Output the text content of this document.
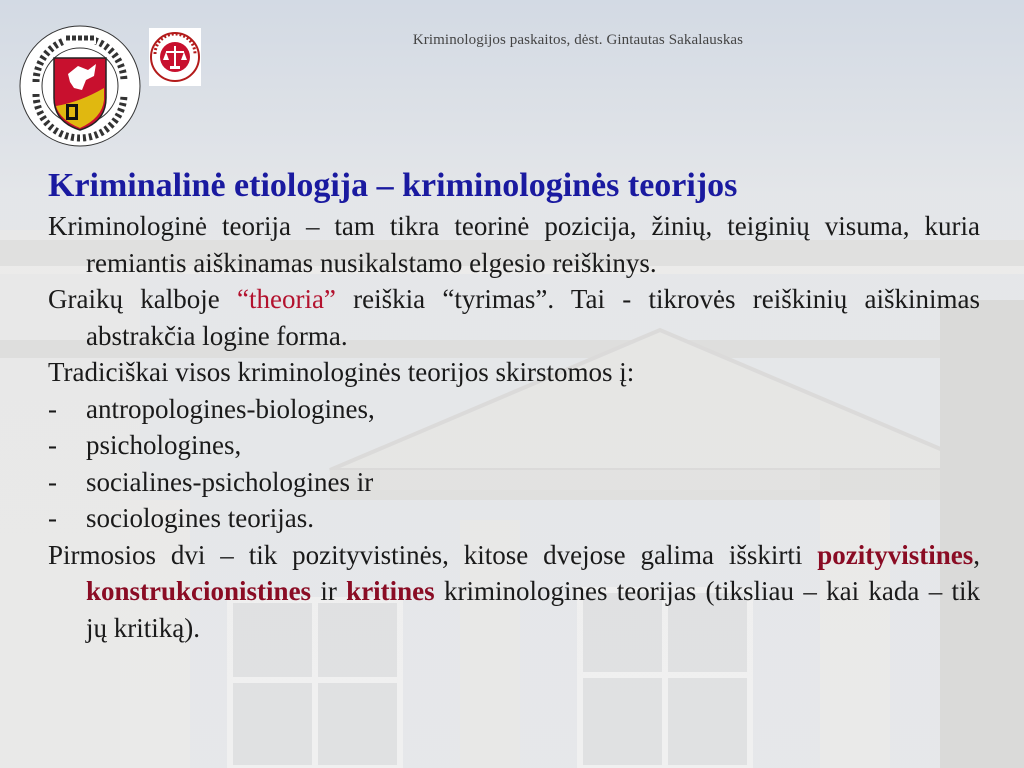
Kriminologijos paskaitos, dėst. Gintautas Sakalauskas
Kriminalinė etiologija – kriminologinės teorijos

Kriminologinė teorija – tam tikra teorinė pozicija, žinių, teiginių visuma, kuria remiantis aiškinamas nusikalstamo elgesio reiškinys.

Graikų kalboje “theoria” reiškia “tyrimas”. Tai - tikrovės reiškinių aiškinimas abstrakčia logine forma.

Tradiciškai visos kriminologinės teorijos skirstomos į:

- antropologines-biologines,

- psichologines,

- socialines-psichologines ir

- sociologines teorijas.

Pirmosios dvi – tik pozityvistinės, kitose dvejose galima išskirti pozityvistines, konstrukcionistines ir kritines kriminologines teorijas (tiksliau – kai kada – tik jų kritiką).
